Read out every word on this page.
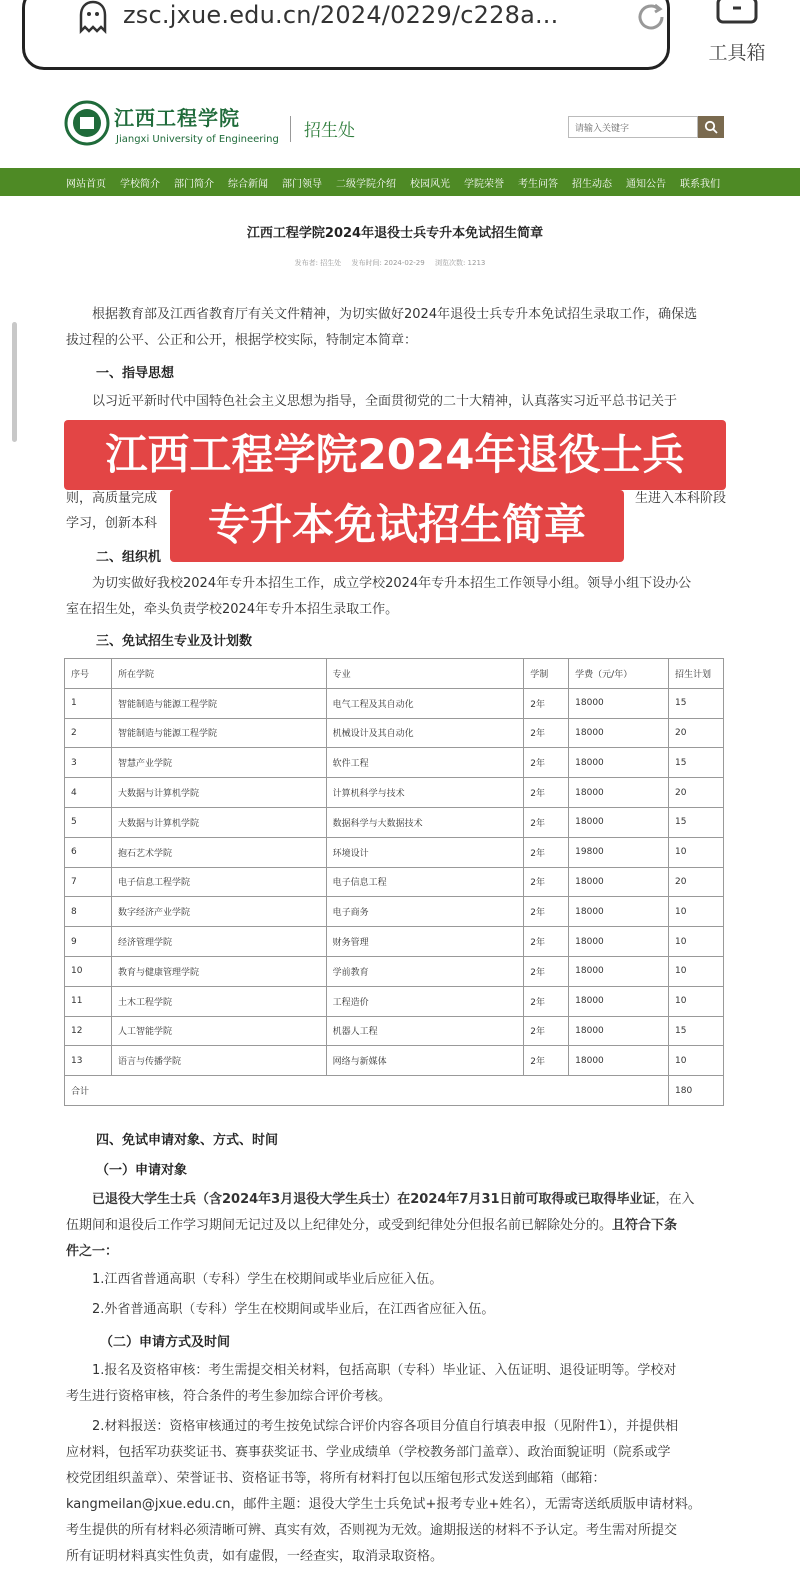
zsc.jxue.edu.cn/2024/0229/c228a...
工具箱
江西工程学院
Jiangxi University of Engineering 招生处	请输入关键字
网站首页 学校简介 部门简介 综合新闻 部门领导 二级学院介绍 校园风光 学院荣誉 考生问答 招生动态 通知公告 联系我们
江西工程学院2024年退役士兵专升本免试招生简章
发布者: 招生处 发布时间: 2024-02-29 浏览次数: 1213
根据教育部及江西省教育厅有关文件精神，为切实做好2024年退役士兵专升本免试招生录取工作，确保选
拔过程的公平、公正和公开，根据学校实际，特制定本简章：
一、指导思想
以习近平新时代中国特色社会主义思想为指导，全面贯彻党的二十大精神，认真落实习近平总书记关于
则，高质量完成	生进入本科阶段
学习，创新本科
二、组织机
江西工程学院2024年退役士兵
专升本免试招生简章
为切实做好我校2024年专升本招生工作，成立学校2024年专升本招生工作领导小组。领导小组下设办公
室在招生处，牵头负责学校2024年专升本招生录取工作。
三、免试招生专业及计划数
序号	所在学院	专业	学制	学费（元/年）	招生计划
1	智能制造与能源工程学院	电气工程及其自动化	2年	18000	15
2	智能制造与能源工程学院	机械设计及其自动化	2年	18000	20
3	智慧产业学院	软件工程	2年	18000	15
4	大数据与计算机学院	计算机科学与技术	2年	18000	20
5	大数据与计算机学院	数据科学与大数据技术	2年	18000	15
6	抱石艺术学院	环境设计	2年	19800	10
7	电子信息工程学院	电子信息工程	2年	18000	20
8	数字经济产业学院	电子商务	2年	18000	10
9	经济管理学院	财务管理	2年	18000	10
10	教育与健康管理学院	学前教育	2年	18000	10
11	土木工程学院	工程造价	2年	18000	10
12	人工智能学院	机器人工程	2年	18000	15
13	语言与传播学院	网络与新媒体	2年	18000	10
合计					180
四、免试申请对象、方式、时间
（一）申请对象
已退役大学生士兵（含2024年3月退役大学生兵士）在2024年7月31日前可取得或已取得毕业证，在入
伍期间和退役后工作学习期间无记过及以上纪律处分，或受到纪律处分但报名前已解除处分的。且符合下条
件之一：
1.江西省普通高职（专科）学生在校期间或毕业后应征入伍。
2.外省普通高职（专科）学生在校期间或毕业后，在江西省应征入伍。
（二）申请方式及时间
1.报名及资格审核：考生需提交相关材料，包括高职（专科）毕业证、入伍证明、退役证明等。学校对
考生进行资格审核，符合条件的考生参加综合评价考核。
2.材料报送：资格审核通过的考生按免试综合评价内容各项目分值自行填表申报（见附件1），并提供相
应材料，包括军功获奖证书、赛事获奖证书、学业成绩单（学校教务部门盖章）、政治面貌证明（院系或学
校党团组织盖章）、荣誉证书、资格证书等，将所有材料打包以压缩包形式发送到邮箱（邮箱：
kangmeilan@jxue.edu.cn，邮件主题：退役大学生士兵免试+报考专业+姓名），无需寄送纸质版申请材料。
考生提供的所有材料必须清晰可辨、真实有效，否则视为无效。逾期报送的材料不予认定。考生需对所提交
所有证明材料真实性负责，如有虚假，一经查实，取消录取资格。
